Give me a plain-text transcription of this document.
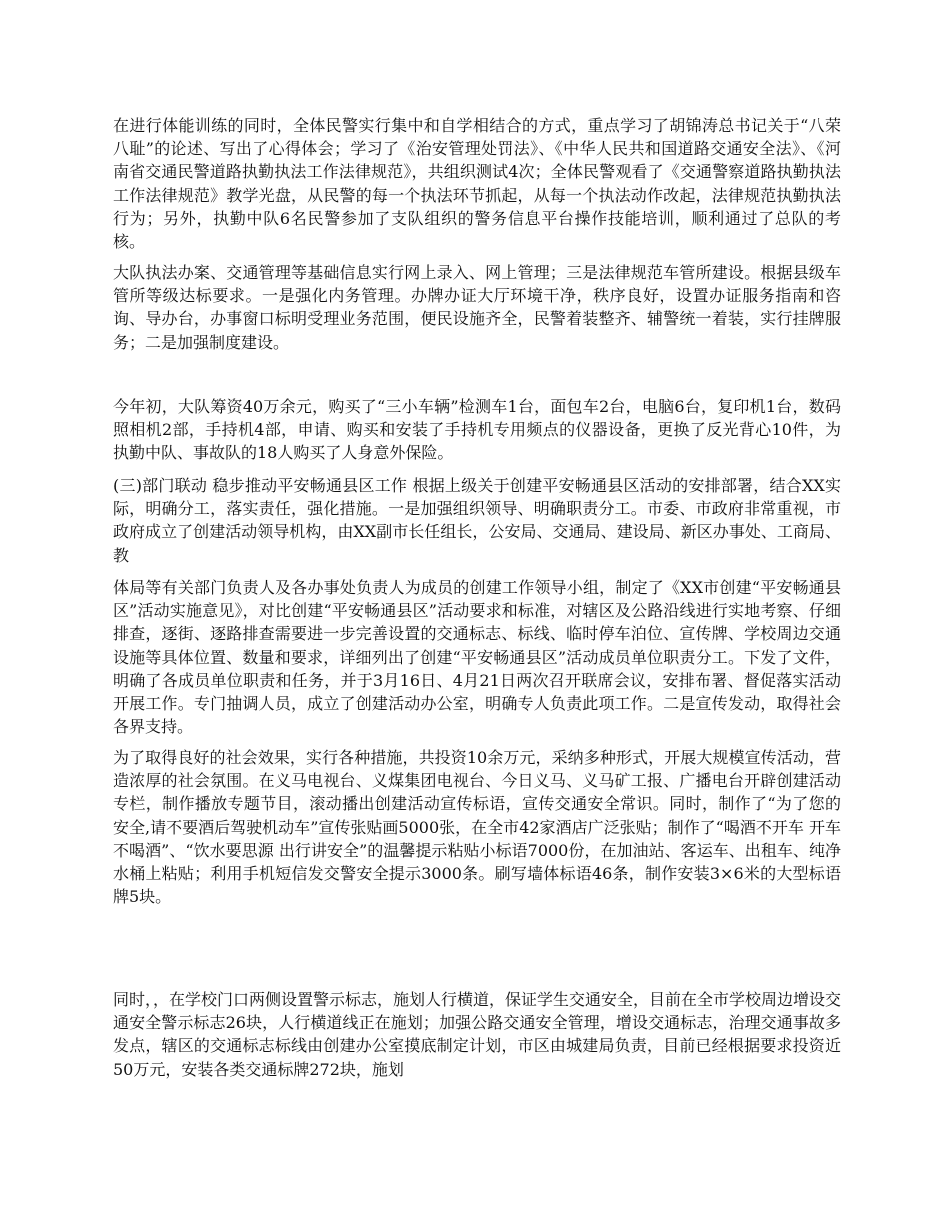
在进行体能训练的同时，全体民警实行集中和自学相结合的方式，重点学习了胡锦涛总书记关于“八荣八耻”的论述、写出了心得体会；学习了《治安管理处罚法》、《中华人民共和国道路交通安全法》、《河南省交通民警道路执勤执法工作法律规范》，共组织测试4次；全体民警观看了《交通警察道路执勤执法工作法律规范》教学光盘，从民警的每一个执法环节抓起，从每一个执法动作改起，法律规范执勤执法行为；另外，执勤中队6名民警参加了支队组织的警务信息平台操作技能培训，顺利通过了总队的考核。

大队执法办案、交通管理等基础信息实行网上录入、网上管理；三是法律规范车管所建设。根据县级车管所等级达标要求。一是强化内务管理。办牌办证大厅环境干净，秩序良好，设置办证服务指南和咨询、导办台，办事窗口标明受理业务范围，便民设施齐全，民警着装整齐、辅警统一着装，实行挂牌服务；二是加强制度建设。

今年初，大队筹资40万余元，购买了“三小车辆”检测车1台，面包车2台，电脑6台，复印机1台，数码照相机2部，手持机4部，申请、购买和安装了手持机专用频点的仪器设备，更换了反光背心10件，为执勤中队、事故队的18人购买了人身意外保险。

(三)部门联动 稳步推动平安畅通县区工作 根据上级关于创建平安畅通县区活动的安排部署，结合XX实际，明确分工，落实责任，强化措施。一是加强组织领导、明确职责分工。市委、市政府非常重视，市政府成立了创建活动领导机构，由XX副市长任组长，公安局、交通局、建设局、新区办事处、工商局、教

体局等有关部门负责人及各办事处负责人为成员的创建工作领导小组，制定了《XX市创建“平安畅通县区”活动实施意见》，对比创建“平安畅通县区”活动要求和标准，对辖区及公路沿线进行实地考察、仔细排查，逐街、逐路排查需要进一步完善设置的交通标志、标线、临时停车泊位、宣传牌、学校周边交通设施等具体位置、数量和要求，详细列出了创建“平安畅通县区”活动成员单位职责分工。下发了文件，明确了各成员单位职责和任务，并于3月16日、4月21日两次召开联席会议，安排布署、督促落实活动开展工作。专门抽调人员，成立了创建活动办公室，明确专人负责此项工作。二是宣传发动，取得社会各界支持。

为了取得良好的社会效果，实行各种措施，共投资10余万元，采纳多种形式，开展大规模宣传活动，营造浓厚的社会氛围。在义马电视台、义煤集团电视台、今日义马、义马矿工报、广播电台开辟创建活动专栏，制作播放专题节目，滚动播出创建活动宣传标语，宣传交通安全常识。同时，制作了“为了您的安全,请不要酒后驾驶机动车”宣传张贴画5000张，在全市42家酒店广泛张贴；制作了“喝酒不开车 开车不喝酒”、“饮水要思源 出行讲安全”的温馨提示粘贴小标语7000份，在加油站、客运车、出租车、纯净水桶上粘贴；利用手机短信发交警安全提示3000条。刷写墙体标语46条，制作安装3×6米的大型标语牌5块。

同时，，在学校门口两侧设置警示标志，施划人行横道，保证学生交通安全，目前在全市学校周边增设交通安全警示标志26块，人行横道线正在施划；加强公路交通安全管理，增设交通标志，治理交通事故多发点，辖区的交通标志标线由创建办公室摸底制定计划，市区由城建局负责，目前已经根据要求投资近50万元，安装各类交通标牌272块，施划
